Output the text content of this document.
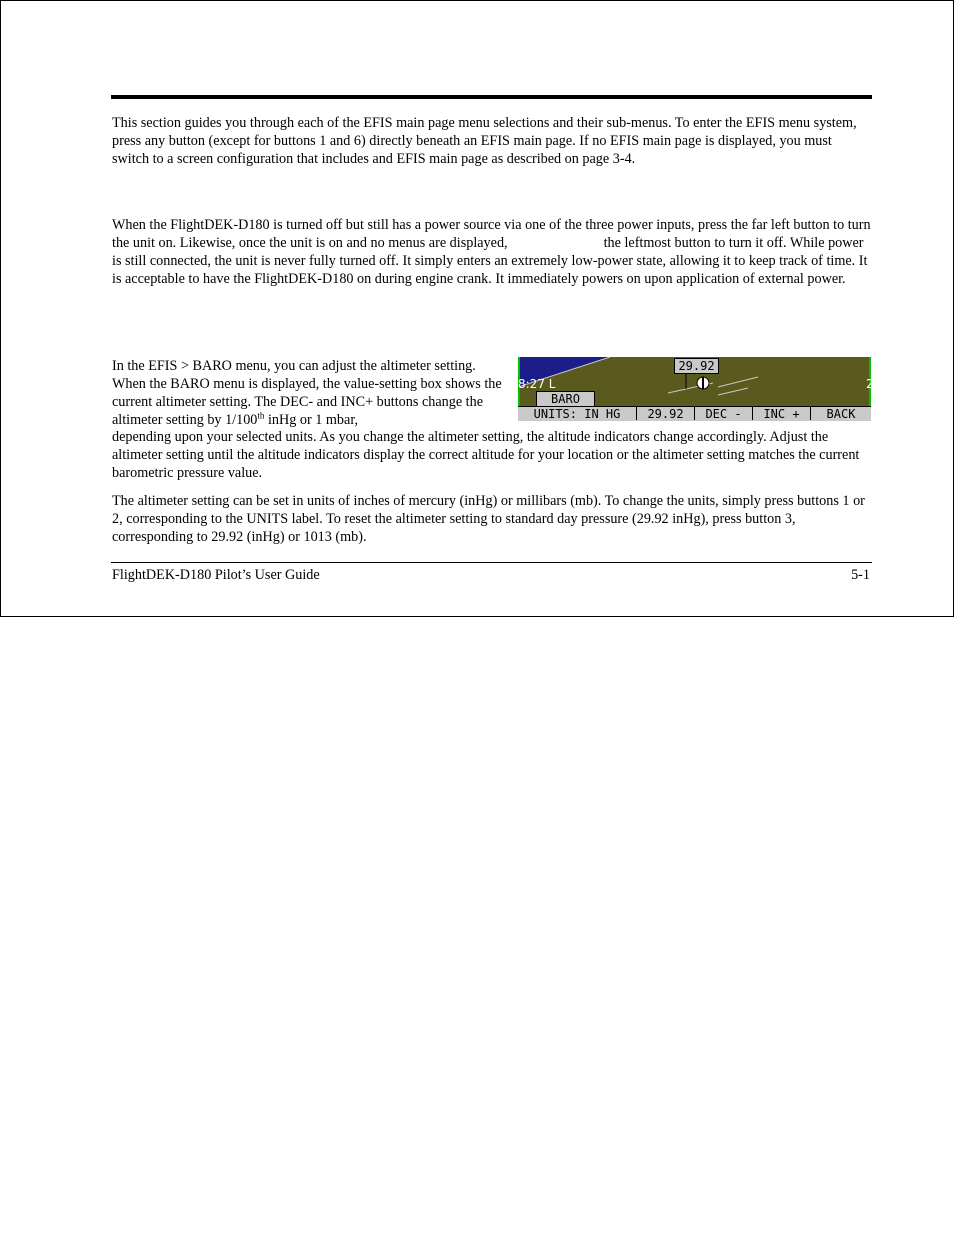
This section guides you through each of the EFIS main page menu selections and their sub-menus. To enter the EFIS menu system, press any button (except for buttons 1 and 6) directly beneath an EFIS main page. If no EFIS main page is displayed, you must switch to a screen configuration that includes and EFIS main page as described on page 3-4.

When the FlightDEK-D180 is turned off but still has a power source via one of the three power inputs, press the far left button to turn the unit on. Likewise, once the unit is on and no menus are displayed,	the leftmost button to turn it off. While power is still connected, the unit is never fully turned off. It simply enters an extremely low-power state, allowing it to keep track of time. It is acceptable to have the FlightDEK-D180 on during engine crank. It immediately powers on upon application of external power.

In the EFIS > BARO menu, you can adjust the altimeter setting. When the BARO menu is displayed, the value-setting box shows the current altimeter setting. The DEC- and INC+ buttons change the altimeter setting by 1/100th inHg or 1 mbar,
depending upon your selected units. As you change the altimeter setting, the altitude indicators change accordingly. Adjust the altimeter setting until the altitude indicators display the correct altitude for your location or the altimeter setting matches the current barometric pressure value.
29.92
8:27 L	2
BARO
UNITS: IN HG	29.92	DEC -	INC +	BACK

The altimeter setting can be set in units of inches of mercury (inHg) or millibars (mb). To change the units, simply press buttons 1 or 2, corresponding to the UNITS label. To reset the altimeter setting to standard day pressure (29.92 inHg), press button 3, corresponding to 29.92 (inHg) or 1013 (mb).

FlightDEK-D180 Pilot’s User Guide	5-1
